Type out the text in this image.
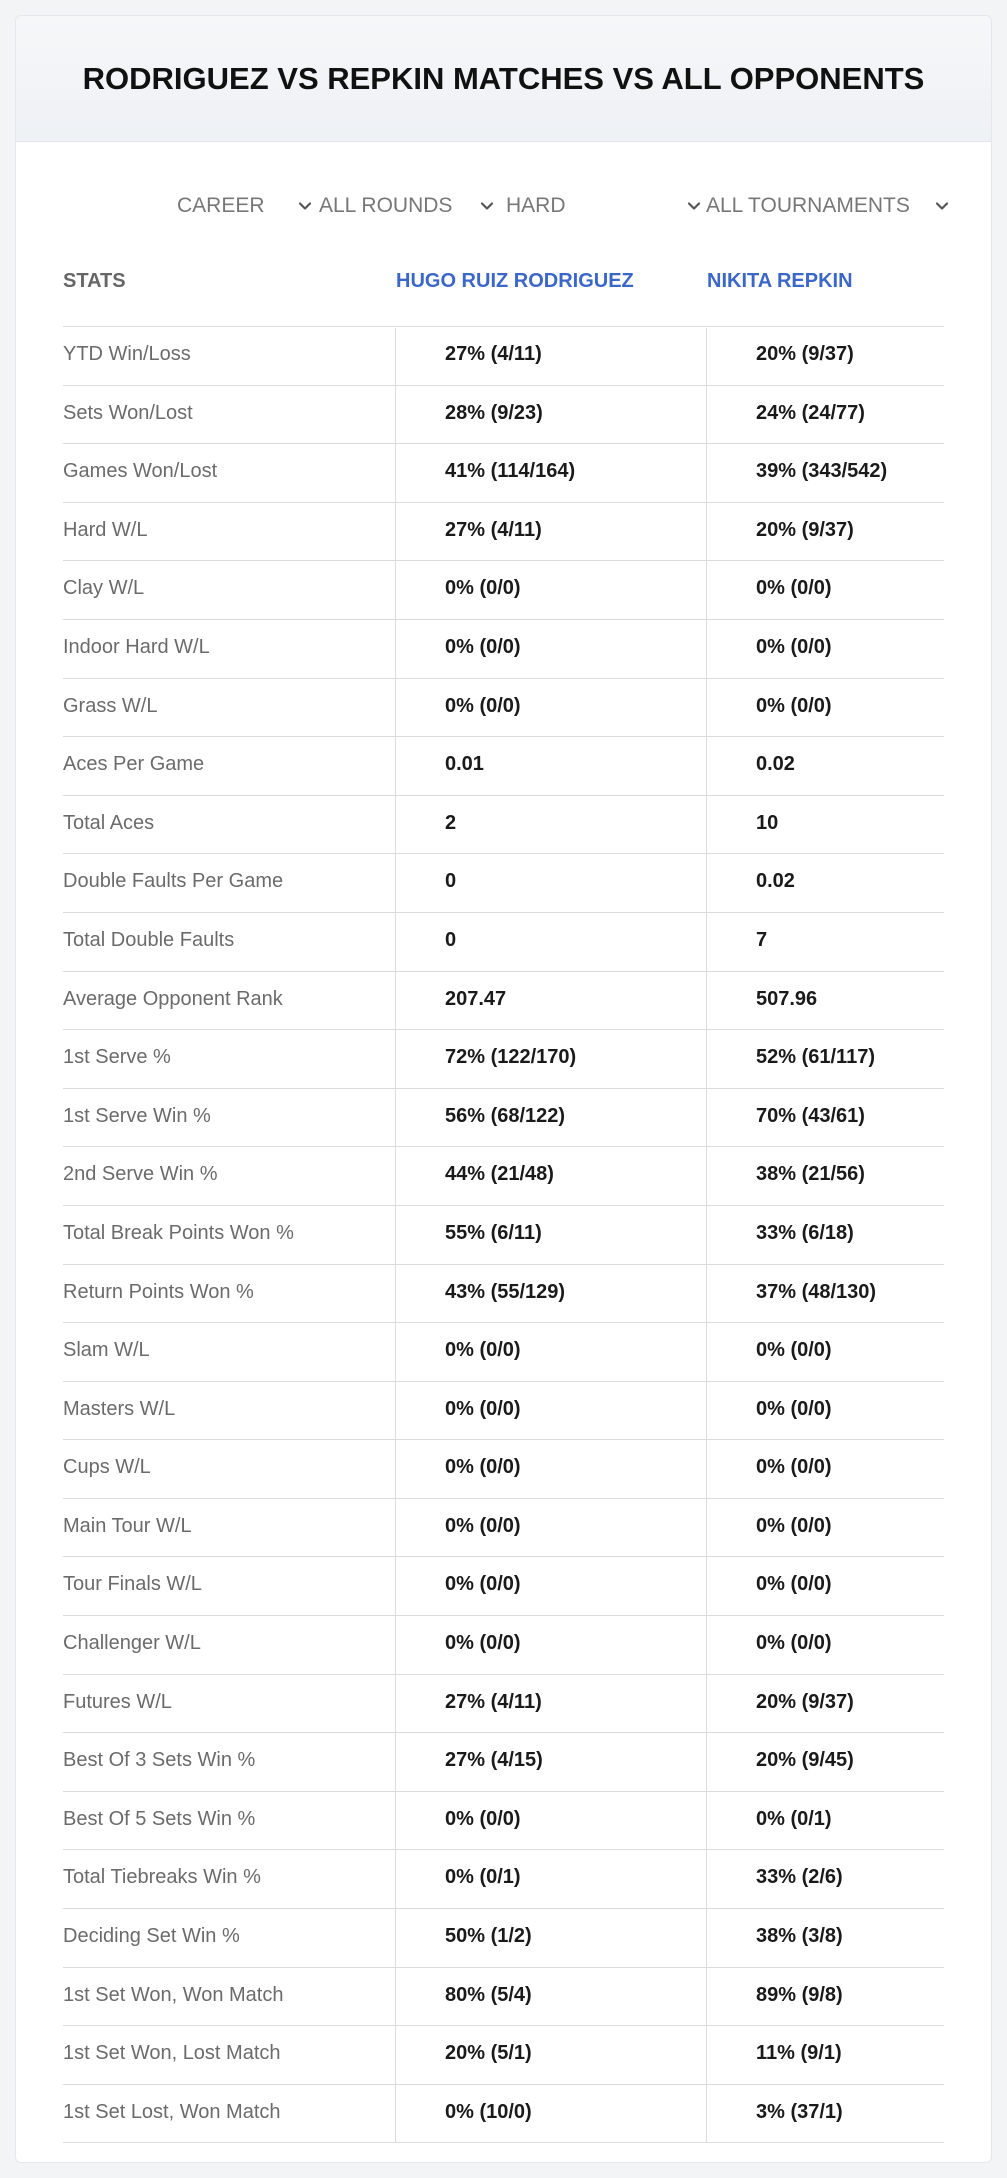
RODRIGUEZ VS REPKIN MATCHES VS ALL OPPONENTS
CAREER	ALL ROUNDS	HARD	ALL TOURNAMENTS
STATS	HUGO RUIZ RODRIGUEZ	NIKITA REPKIN
YTD Win/Loss	27% (4/11)	20% (9/37)
Sets Won/Lost	28% (9/23)	24% (24/77)
Games Won/Lost	41% (114/164)	39% (343/542)
Hard W/L	27% (4/11)	20% (9/37)
Clay W/L	0% (0/0)	0% (0/0)
Indoor Hard W/L	0% (0/0)	0% (0/0)
Grass W/L	0% (0/0)	0% (0/0)
Aces Per Game	0.01	0.02
Total Aces	2	10
Double Faults Per Game	0	0.02
Total Double Faults	0	7
Average Opponent Rank	207.47	507.96
1st Serve %	72% (122/170)	52% (61/117)
1st Serve Win %	56% (68/122)	70% (43/61)
2nd Serve Win %	44% (21/48)	38% (21/56)
Total Break Points Won %	55% (6/11)	33% (6/18)
Return Points Won %	43% (55/129)	37% (48/130)
Slam W/L	0% (0/0)	0% (0/0)
Masters W/L	0% (0/0)	0% (0/0)
Cups W/L	0% (0/0)	0% (0/0)
Main Tour W/L	0% (0/0)	0% (0/0)
Tour Finals W/L	0% (0/0)	0% (0/0)
Challenger W/L	0% (0/0)	0% (0/0)
Futures W/L	27% (4/11)	20% (9/37)
Best Of 3 Sets Win %	27% (4/15)	20% (9/45)
Best Of 5 Sets Win %	0% (0/0)	0% (0/1)
Total Tiebreaks Win %	0% (0/1)	33% (2/6)
Deciding Set Win %	50% (1/2)	38% (3/8)
1st Set Won, Won Match	80% (5/4)	89% (9/8)
1st Set Won, Lost Match	20% (5/1)	11% (9/1)
1st Set Lost, Won Match	0% (10/0)	3% (37/1)
